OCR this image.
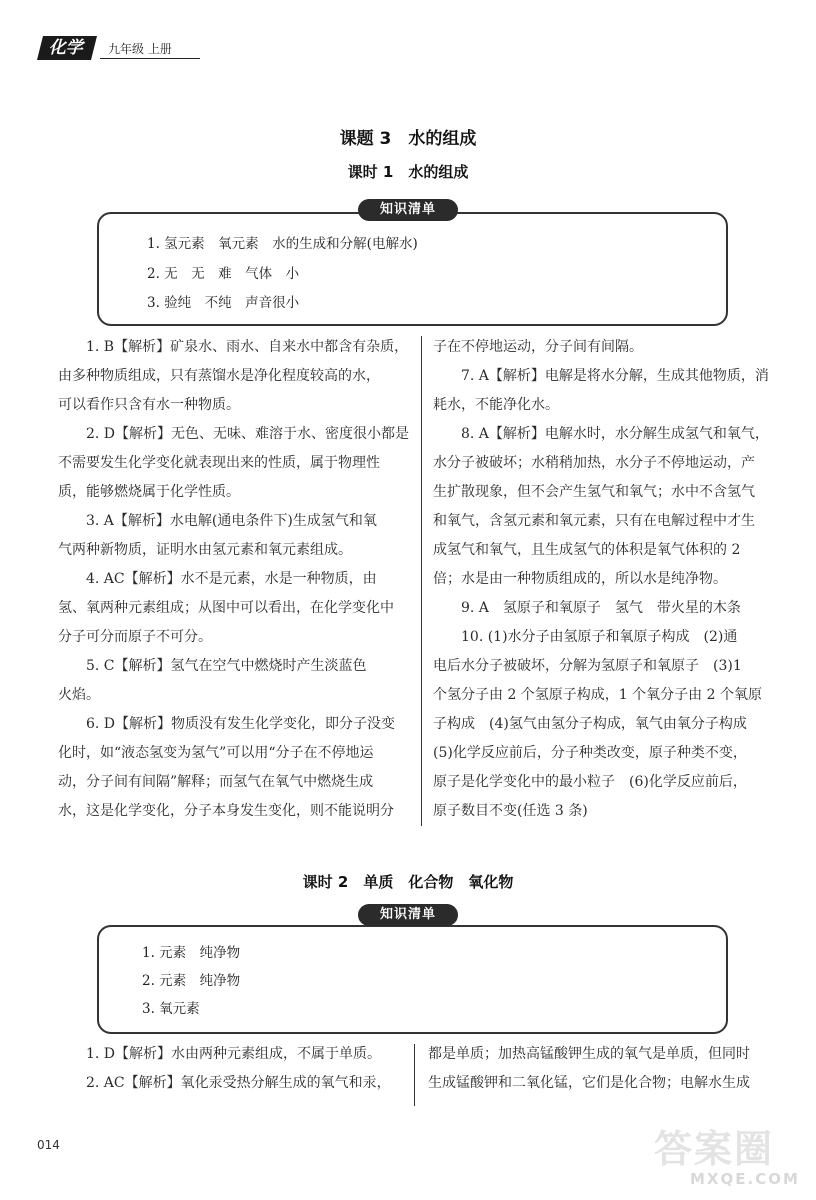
化学	九年级 上册
课题 3　水的组成
课时 1　水的组成
1. 氢元素　氧元素　水的生成和分解(电解水)
2. 无　无　难　气体　小
3. 验纯　不纯　声音很小
知识清单
1. B【解析】矿泉水、雨水、自来水中都含有杂质，
由多种物质组成，只有蒸馏水是净化程度较高的水，
可以看作只含有水一种物质。
2. D【解析】无色、无味、难溶于水、密度很小都是
不需要发生化学变化就表现出来的性质，属于物理性
质，能够燃烧属于化学性质。
3. A【解析】水电解(通电条件下)生成氢气和氧
气两种新物质，证明水由氢元素和氧元素组成。
4. AC【解析】水不是元素，水是一种物质，由
氢、氧两种元素组成；从图中可以看出，在化学变化中
分子可分而原子不可分。
5. C【解析】氢气在空气中燃烧时产生淡蓝色
火焰。
6. D【解析】物质没有发生化学变化，即分子没变
化时，如“液态氢变为氢气”可以用“分子在不停地运
动，分子间有间隔”解释；而氢气在氧气中燃烧生成
水，这是化学变化，分子本身发生变化，则不能说明分
子在不停地运动，分子间有间隔。
7. A【解析】电解是将水分解，生成其他物质，消
耗水，不能净化水。
8. A【解析】电解水时，水分解生成氢气和氧气，
水分子被破坏；水稍稍加热，水分子不停地运动，产
生扩散现象，但不会产生氢气和氧气；水中不含氢气
和氧气，含氢元素和氧元素，只有在电解过程中才生
成氢气和氧气，且生成氢气的体积是氧气体积的 2
倍；水是由一种物质组成的，所以水是纯净物。
9. A　氢原子和氧原子　氢气　带火星的木条
10. (1)水分子由氢原子和氧原子构成　(2)通
电后水分子被破坏，分解为氢原子和氧原子　(3)1
个氢分子由 2 个氢原子构成，1 个氧分子由 2 个氧原
子构成　(4)氢气由氢分子构成，氧气由氧分子构成
(5)化学反应前后，分子种类改变，原子种类不变，
原子是化学变化中的最小粒子　(6)化学反应前后，
原子数目不变(任选 3 条)
课时 2　单质　化合物　氧化物
1. 元素　纯净物
2. 元素　纯净物
3. 氧元素
知识清单
1. D【解析】水由两种元素组成，不属于单质。
2. AC【解析】氧化汞受热分解生成的氧气和汞，
都是单质；加热高锰酸钾生成的氧气是单质，但同时
生成锰酸钾和二氧化锰，它们是化合物；电解水生成
014	答案圈
MXQE.COM
